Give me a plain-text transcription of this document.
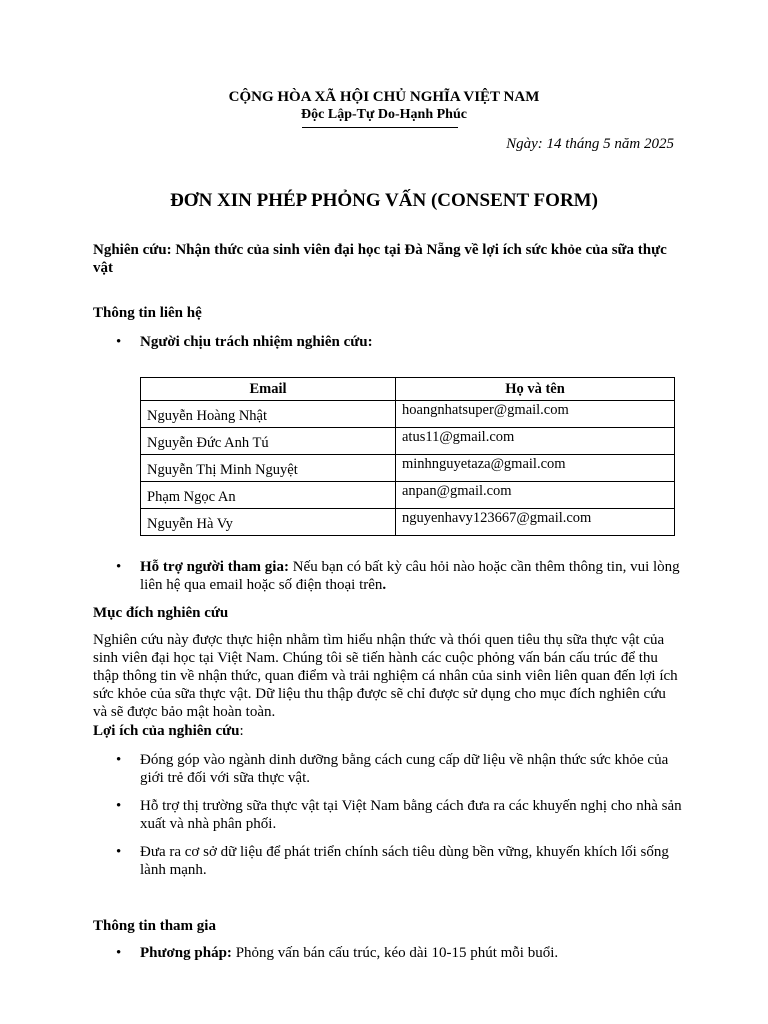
CỘNG HÒA XÃ HỘI CHỦ NGHĨA VIỆT NAM
Độc Lập-Tự Do-Hạnh Phúc
Ngày: 14 tháng 5 năm 2025
ĐƠN XIN PHÉP PHỎNG VẤN (CONSENT FORM)
Nghiên cứu: Nhận thức của sinh viên đại học tại Đà Nẵng về lợi ích sức khỏe của sữa thực vật
Thông tin liên hệ
•	Người chịu trách nhiệm nghiên cứu:
Email	Họ và tên
Nguyễn Hoàng Nhật	hoangnhatsuper@gmail.com
Nguyễn Đức Anh Tú	atus11@gmail.com
Nguyễn Thị Minh Nguyệt	minhnguyetaza@gmail.com
Phạm Ngọc An	anpan@gmail.com
Nguyễn Hà Vy	nguyenhavy123667@gmail.com
•	Hỗ trợ người tham gia: Nếu bạn có bất kỳ câu hỏi nào hoặc cần thêm thông tin, vui lòng liên hệ qua email hoặc số điện thoại trên.
Mục đích nghiên cứu
Nghiên cứu này được thực hiện nhằm tìm hiểu nhận thức và thói quen tiêu thụ sữa thực vật của sinh viên đại học tại Việt Nam. Chúng tôi sẽ tiến hành các cuộc phỏng vấn bán cấu trúc để thu thập thông tin về nhận thức, quan điểm và trải nghiệm cá nhân của sinh viên liên quan đến lợi ích sức khỏe của sữa thực vật. Dữ liệu thu thập được sẽ chỉ được sử dụng cho mục đích nghiên cứu và sẽ được bảo mật hoàn toàn.
Lợi ích của nghiên cứu:
•	Đóng góp vào ngành dinh dưỡng bằng cách cung cấp dữ liệu về nhận thức sức khỏe của giới trẻ đối với sữa thực vật.
•	Hỗ trợ thị trường sữa thực vật tại Việt Nam bằng cách đưa ra các khuyến nghị cho nhà sản xuất và nhà phân phối.
•	Đưa ra cơ sở dữ liệu để phát triển chính sách tiêu dùng bền vững, khuyến khích lối sống lành mạnh.
Thông tin tham gia
•	Phương pháp: Phỏng vấn bán cấu trúc, kéo dài 10-15 phút mỗi buổi.
